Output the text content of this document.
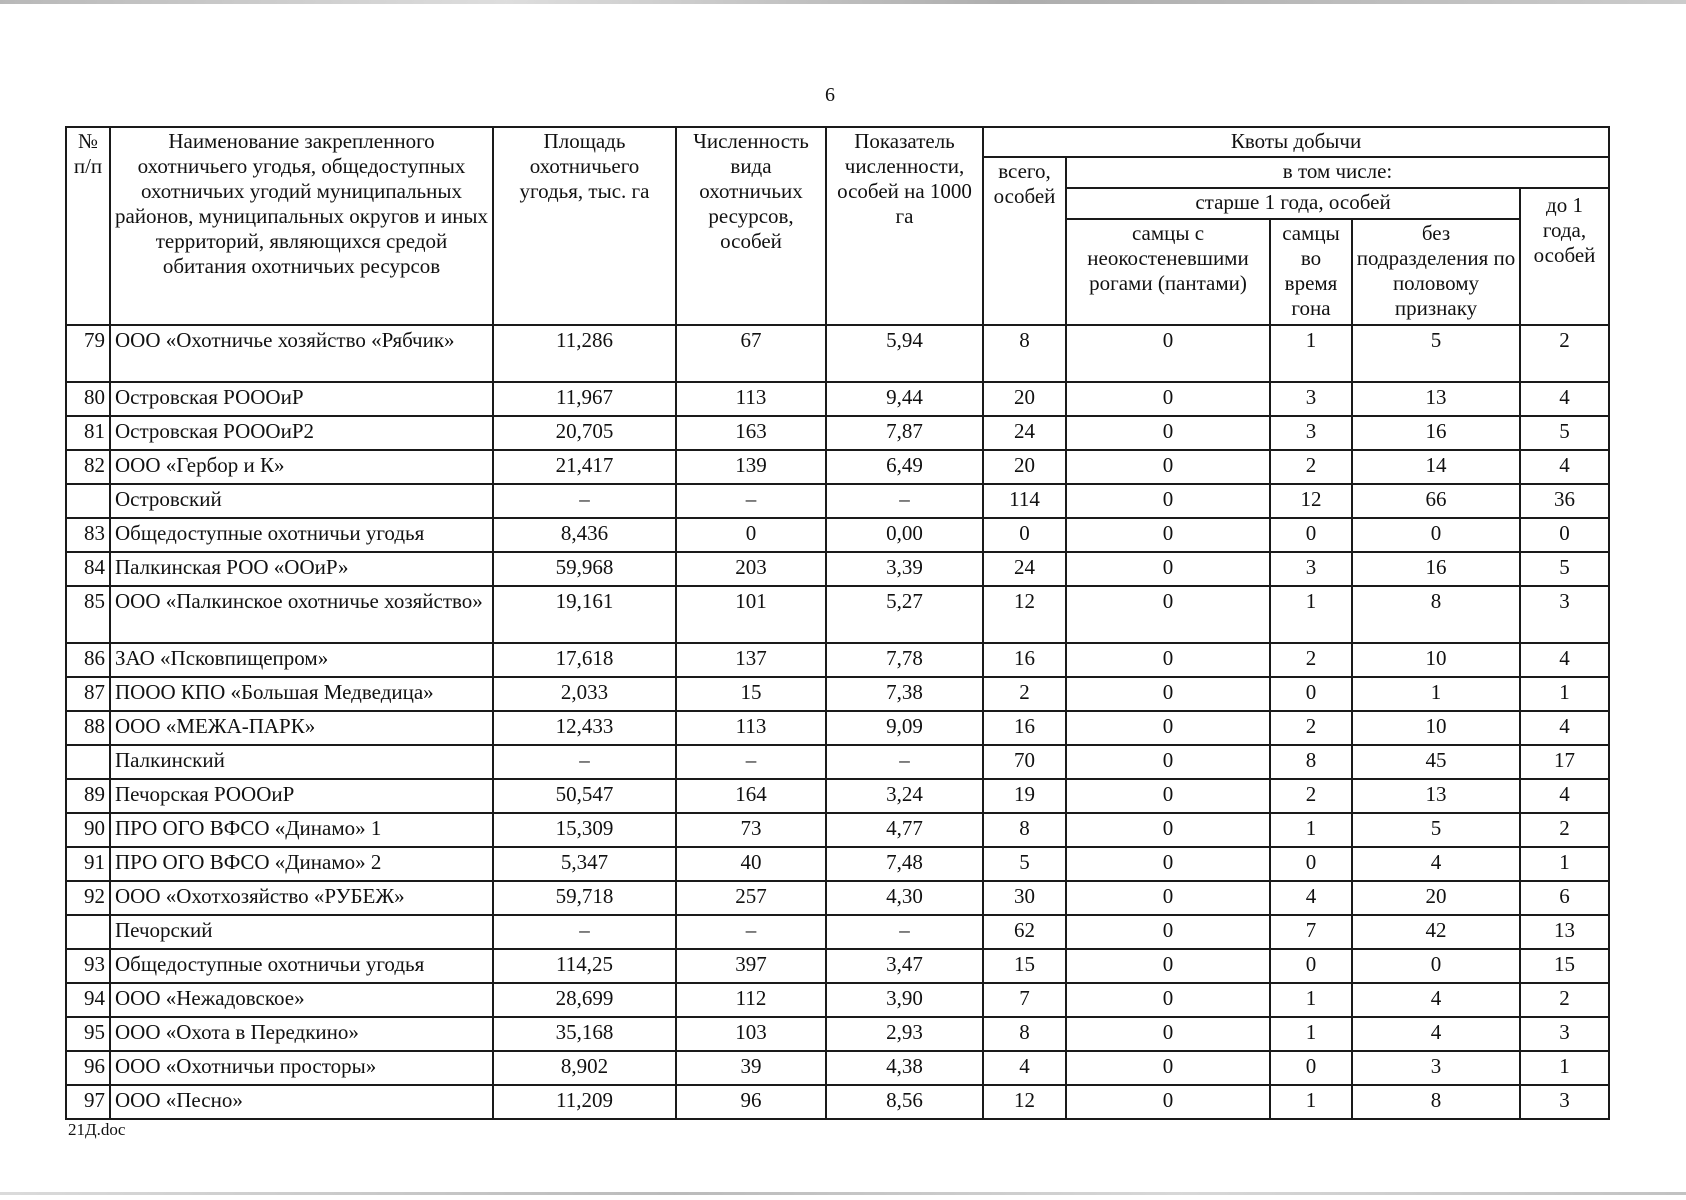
6
№ п/п	Наименование закрепленного охотничьего угодья, общедоступных охотничьих угодий муниципальных районов, муниципальных округов и иных территорий, являющихся средой обитания охотничьих ресурсов	Площадь охотничьего угодья, тыс. га	Численность вида охотничьих ресурсов, особей	Показатель численности, особей на 1000 га	Квоты добычи				
					всего, особей	в том числе:			
						старше 1 года, особей			до 1 года, особей
						самцы с неокостеневшими рогами (пантами)	самцы во время гона	без подразделения по половому признаку	
79	ООО «Охотничье хозяйство «Рябчик»	11,286	67	5,94	8	0	1	5	2
80	Островская РОООиР	11,967	113	9,44	20	0	3	13	4
81	Островская РОООиР2	20,705	163	7,87	24	0	3	16	5
82	ООО «Гербор и К»	21,417	139	6,49	20	0	2	14	4
	Островский	–	–	–	114	0	12	66	36
83	Общедоступные охотничьи угодья	8,436	0	0,00	0	0	0	0	0
84	Палкинская РОО «ООиР»	59,968	203	3,39	24	0	3	16	5
85	ООО «Палкинское охотничье хозяйство»	19,161	101	5,27	12	0	1	8	3
86	ЗАО «Псковпищепром»	17,618	137	7,78	16	0	2	10	4
87	ПООО КПО «Большая Медведица»	2,033	15	7,38	2	0	0	1	1
88	ООО «МЕЖА-ПАРК»	12,433	113	9,09	16	0	2	10	4
	Палкинский	–	–	–	70	0	8	45	17
89	Печорская РОООиР	50,547	164	3,24	19	0	2	13	4
90	ПРО ОГО ВФСО «Динамо» 1	15,309	73	4,77	8	0	1	5	2
91	ПРО ОГО ВФСО «Динамо» 2	5,347	40	7,48	5	0	0	4	1
92	ООО «Охотхозяйство «РУБЕЖ»	59,718	257	4,30	30	0	4	20	6
	Печорский	–	–	–	62	0	7	42	13
93	Общедоступные охотничьи угодья	114,25	397	3,47	15	0	0	0	15
94	ООО «Нежадовское»	28,699	112	3,90	7	0	1	4	2
95	ООО «Охота в Передкино»	35,168	103	2,93	8	0	1	4	3
96	ООО «Охотничьи просторы»	8,902	39	4,38	4	0	0	3	1
97	ООО «Песно»	11,209	96	8,56	12	0	1	8	3
21Д.doc
